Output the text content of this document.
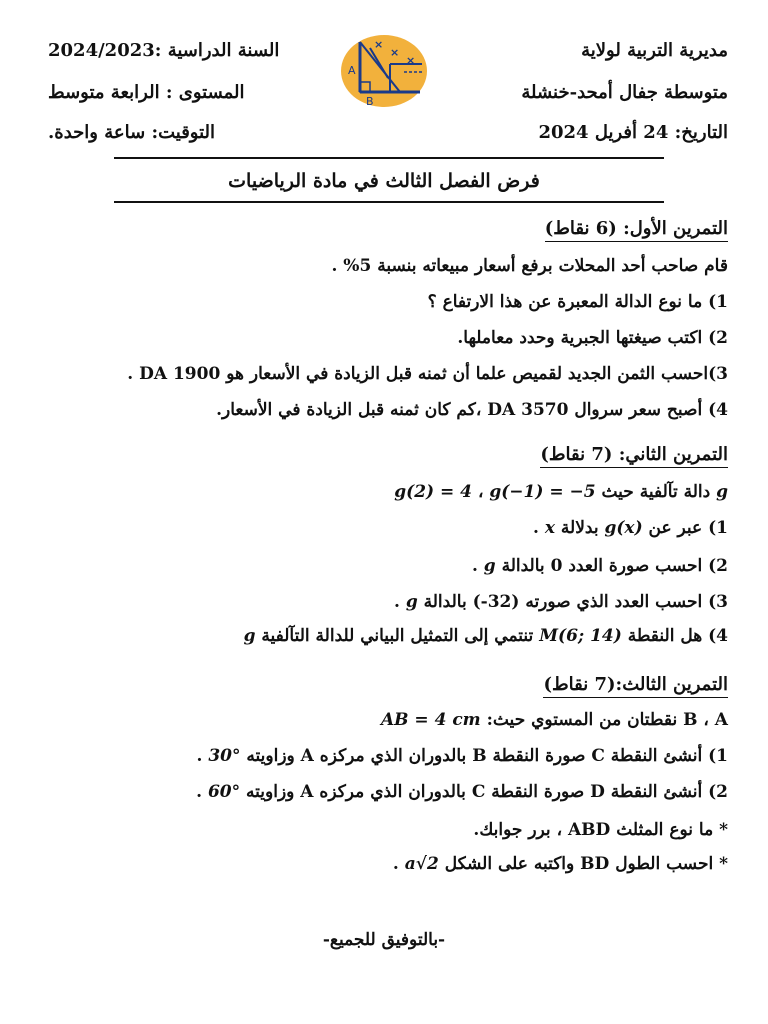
مديرية التربية لولاية
متوسطة جفال أمحد-خنشلة
التاريخ: 24 أفريل 2024
السنة الدراسية :2024/2023
المستوى : الرابعة متوسط
التوقيت: ساعة واحدة.
×
×
×
A
B
فرض الفصل الثالث في مادة الرياضيات
التمرين الأول: (6 نقاط)
قام صاحب أحد المحلات برفع أسعار مبيعاته بنسبة 5% .
1) ما نوع الدالة المعبرة عن هذا الارتفاع ؟
2) اكتب صيغتها الجبرية وحدد معاملها.
3)احسب الثمن الجديد لقميص علما أن ثمنه قبل الزيادة في الأسعار هو 1900 DA .
4) أصبح سعر سروال 3570 DA ،كم كان ثمنه قبل الزيادة في الأسعار.
التمرين الثاني: (7 نقاط)
g دالة تآلفية حيث g(−1) = −5 ، g(2) = 4
1) عبر عن g(x) بدلالة x .
2) احسب صورة العدد 0 بالدالة g .
3) احسب العدد الذي صورته (32-) بالدالة g .
4) هل النقطة M(6; 14) تنتمي إلى التمثيل البياني للدالة التآلفية g
التمرين الثالث:(7 نقاط)
B ، A نقطتان من المستوي حيث: AB = 4 cm
1) أنشئ النقطة C صورة النقطة B بالدوران الذي مركزه A وزاويته 30° .
2) أنشئ النقطة D صورة النقطة C بالدوران الذي مركزه A وزاويته 60° .
* ما نوع المثلث ABD ، برر جوابك.
* احسب الطول BD واكتبه على الشكل a√2 .
-بالتوفيق للجميع-
